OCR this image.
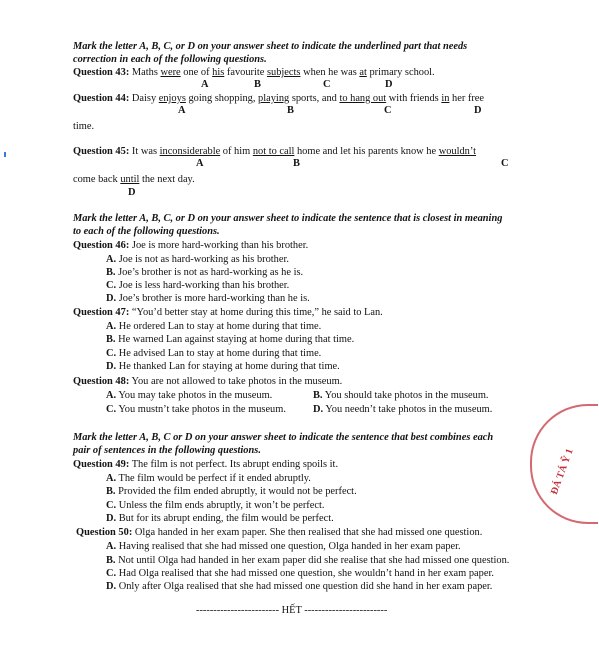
Mark the letter A, B, C, or D on your answer sheet to indicate the underlined part that needs
correction in each of the following questions.
Question 43: Maths were one of his favourite subjects when he was at primary school.
A	B	C	D
Question 44: Daisy enjoys going shopping, playing sports, and to hang out with friends in her free
A	B	C	D
time.
Question 45: It was inconsiderable of him not to call home and let his parents know he wouldn’t
A	B	C
come back until the next day.
D
Mark the letter A, B, C, or D on your answer sheet to indicate the sentence that is closest in meaning
to each of the following questions.
Question 46: Joe is more hard-working than his brother.
A. Joe is not as hard-working as his brother.
B. Joe’s brother is not as hard-working as he is.
C. Joe is less hard-working than his brother.
D. Joe’s brother is more hard-working than he is.
Question 47: “You’d better stay at home during this time,” he said to Lan.
A. He ordered Lan to stay at home during that time.
B. He warned Lan against staying at home during that time.
C. He advised Lan to stay at home during that time.
D. He thanked Lan for staying at home during that time.
Question 48: You are not allowed to take photos in the museum.
A. You may take photos in the museum.	B. You should take photos in the museum.
C. You mustn’t take photos in the museum.	D. You needn’t take photos in the museum.
Mark the letter A, B, C or D on your answer sheet to indicate the sentence that best combines each
pair of sentences in the following questions.
Question 49: The film is not perfect. Its abrupt ending spoils it.
A. The film would be perfect if it ended abruptly.
B. Provided the film ended abruptly, it would not be perfect.
C. Unless the film ends abruptly, it won’t be perfect.
D. But for its abrupt ending, the film would be perfect.
Question 50: Olga handed in her exam paper. She then realised that she had missed one question.
A. Having realised that she had missed one question, Olga handed in her exam paper.
B. Not until Olga had handed in her exam paper did she realise that she had missed one question.
C. Had Olga realised that she had missed one question, she wouldn’t hand in her exam paper.
D. Only after Olga realised that she had missed one question did she hand in her exam paper.
------------------------ HẾT ------------------------
ĐÁ TÁ Ỹ 1
